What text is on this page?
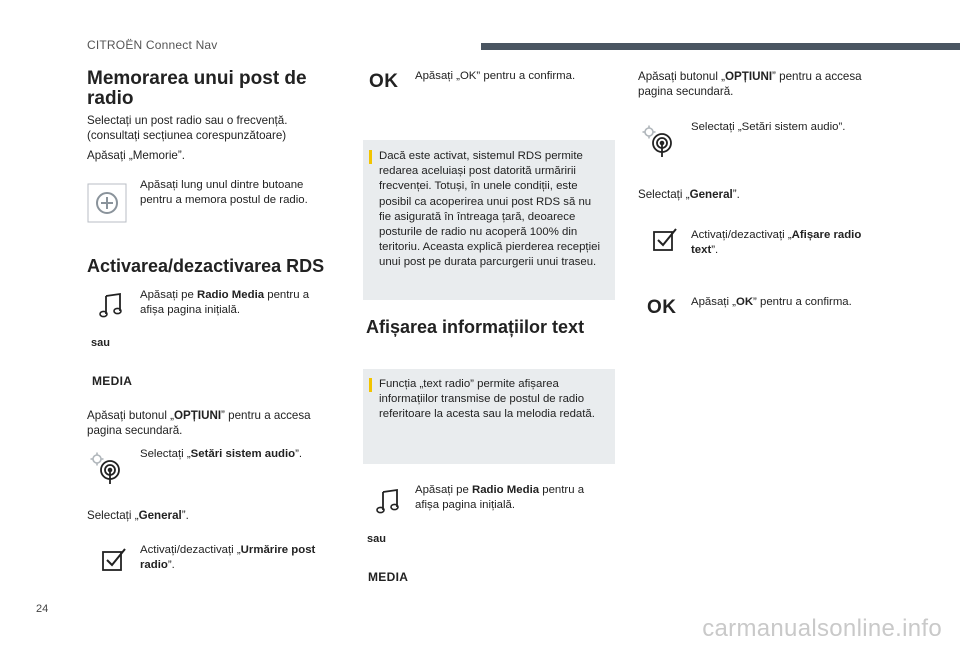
CITROËN Connect Nav
Memorarea unui post de radio
Selectați un post radio sau o frecvență. (consultați secțiunea corespunzătoare)
Apăsați „Memorie”.
Apăsați lung unul dintre butoane pentru a memora postul de radio.
Activarea/dezactivarea RDS
Apăsați pe Radio Media pentru a afișa pagina inițială.
sau
MEDIA
Apăsați butonul „OPȚIUNI” pentru a accesa pagina secundară.
Selectați „Setări sistem audio”.
Selectați „General”.
Activați/dezactivați „Urmărire post radio”.
OK Apăsați „OK” pentru a confirma.
Dacă este activat, sistemul RDS permite redarea aceluiași post datorită urmăririi frecvenței. Totuși, în unele condiții, este posibil ca acoperirea unui post RDS să nu fie asigurată în întreaga țară, deoarece posturile de radio nu acoperă 100% din teritoriu. Aceasta explică pierderea recepției unui post pe durata parcurgerii unui traseu.
Afișarea informațiilor text
Funcția „text radio” permite afișarea informațiilor transmise de postul de radio referitoare la acesta sau la melodia redată.
Apăsați pe Radio Media pentru a afișa pagina inițială.
sau
MEDIA
Apăsați butonul „OPȚIUNI” pentru a accesa pagina secundară.
Selectați „Setări sistem audio”.
Selectați „General”.
Activați/dezactivați „Afișare radio text”.
OK Apăsați „OK” pentru a confirma.
24
carmanualsonline.info
